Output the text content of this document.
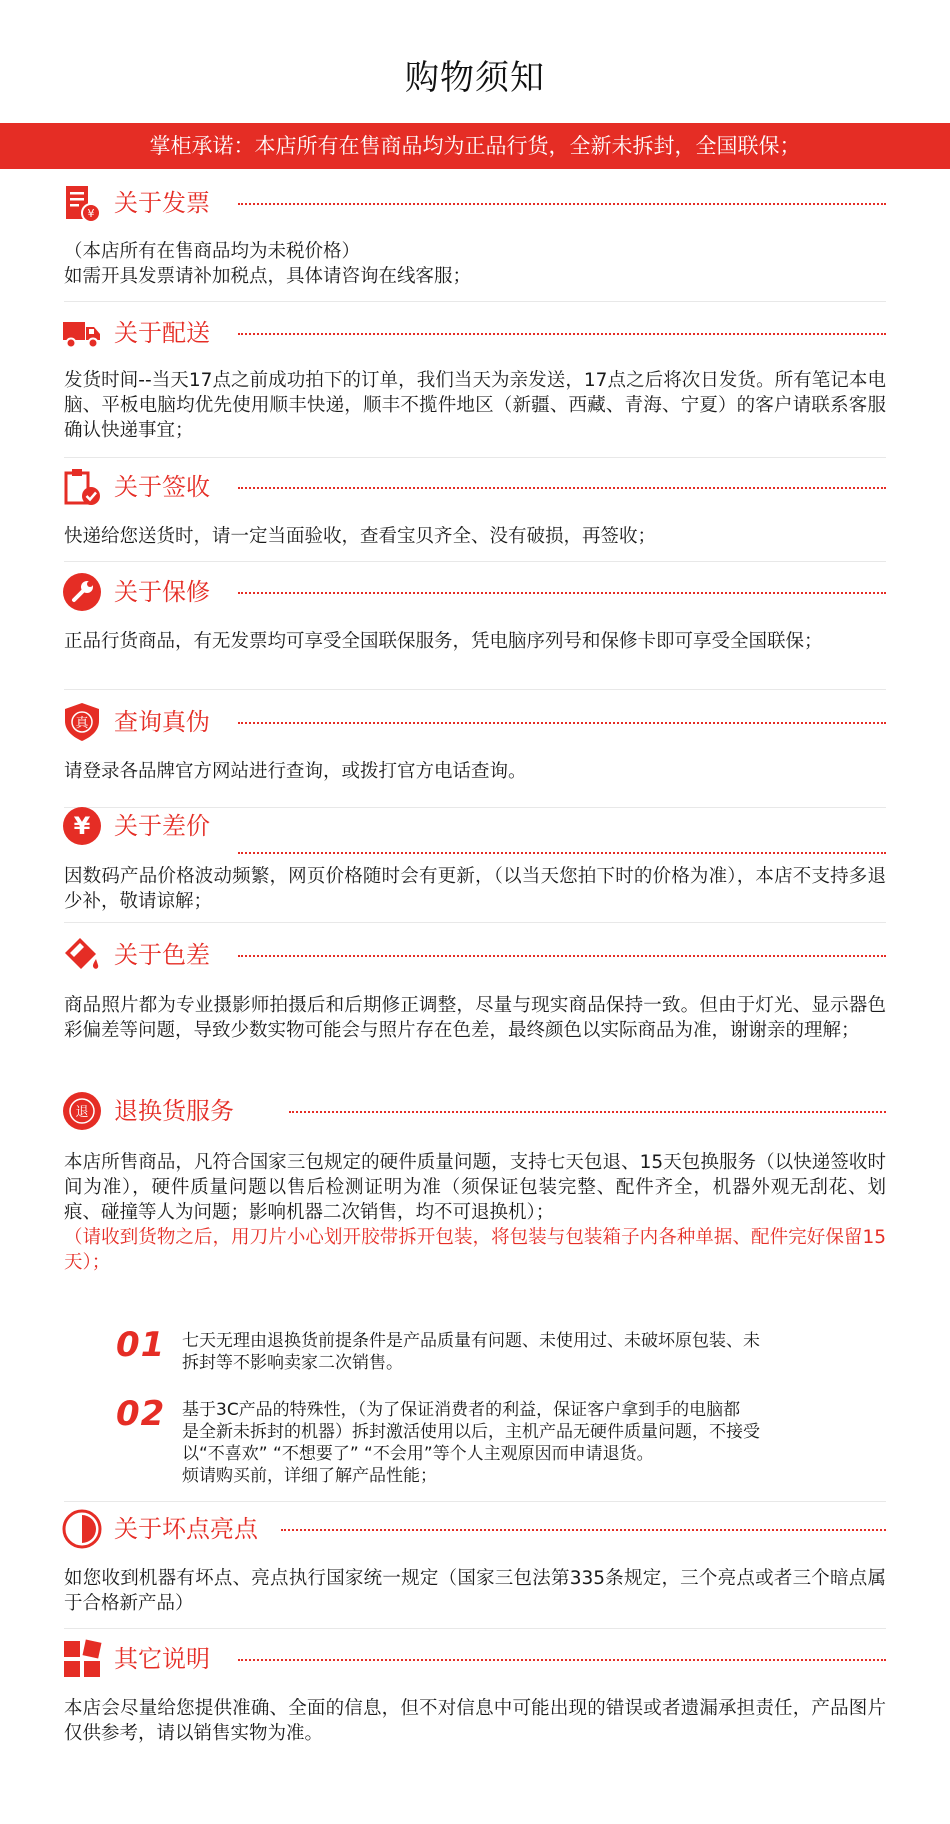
购物须知
掌柜承诺：本店所有在售商品均为正品行货，全新未拆封，全国联保；
¥ 关于发票

（本店所有在售商品均为未税价格）

如需开具发票请补加税点，具体请咨询在线客服；

关于配送

发货时间--当天17点之前成功拍下的订单，我们当天为亲发送，17点之后将次日发货。所有笔记本电脑、平板电脑均优先使用顺丰快递，顺丰不揽件地区（新疆、西藏、青海、宁夏）的客户请联系客服确认快递事宜；

关于签收

快递给您送货时，请一定当面验收，查看宝贝齐全、没有破损，再签收；

关于保修

正品行货商品，有无发票均可享受全国联保服务，凭电脑序列号和保修卡即可享受全国联保；

真 查询真伪

请登录各品牌官方网站进行查询，或拨打官方电话查询。

¥ 关于差价

因数码产品价格波动频繁，网页价格随时会有更新，（以当天您拍下时的价格为准），本店不支持多退少补，敬请谅解；

关于色差

商品照片都为专业摄影师拍摄后和后期修正调整，尽量与现实商品保持一致。但由于灯光、显示器色彩偏差等问题，导致少数实物可能会与照片存在色差，最终颜色以实际商品为准，谢谢亲的理解；

退 退换货服务

本店所售商品，凡符合国家三包规定的硬件质量问题，支持七天包退、15天包换服务（以快递签收时间为准），硬件质量问题以售后检测证明为准（须保证包装完整、配件齐全，机器外观无刮花、划痕、碰撞等人为问题；影响机器二次销售，均不可退换机）；

（请收到货物之后，用刀片小心划开胶带拆开包装，将包装与包装箱子内各种单据、配件完好保留15天）；

01 七天无理由退换货前提条件是产品质量有问题、未使用过、未破坏原包装、未

拆封等不影响卖家二次销售。

02 基于3C产品的特殊性，（为了保证消费者的利益，保证客户拿到手的电脑都

是全新未拆封的机器）拆封激活使用以后，主机产品无硬件质量问题，不接受

以“不喜欢” “不想要了” “不会用”等个人主观原因而申请退货。

烦请购买前，详细了解产品性能；

关于坏点亮点

如您收到机器有坏点、亮点执行国家统一规定（国家三包法第335条规定，三个亮点或者三个暗点属于合格新产品）

其它说明

本店会尽量给您提供准确、全面的信息，但不对信息中可能出现的错误或者遗漏承担责任，产品图片仅供参考，请以销售实物为准。
